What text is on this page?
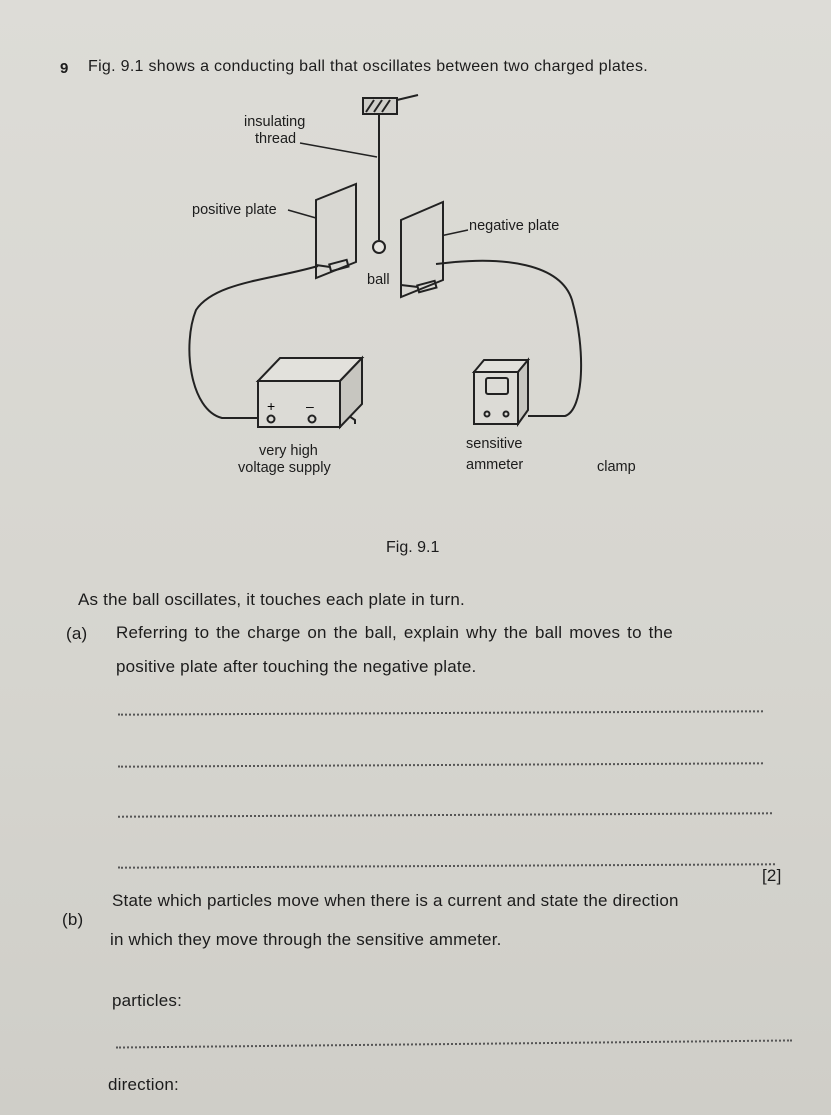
9 Fig. 9.1 shows a conducting ball that oscillates between two charged plates.
+ –
insulating
thread
positive plate
negative plate
ball
very high
voltage supply
sensitive
ammeter	clamp
Fig. 9.1
As the ball oscillates, it touches each plate in turn.
(a) Referring to the charge on the ball, explain why the ball moves to the
positive plate after touching the negative plate.
[2]
(b)
State which particles move when there is a current and state the direction
in which they move through the sensitive ammeter.
particles:
direction:
